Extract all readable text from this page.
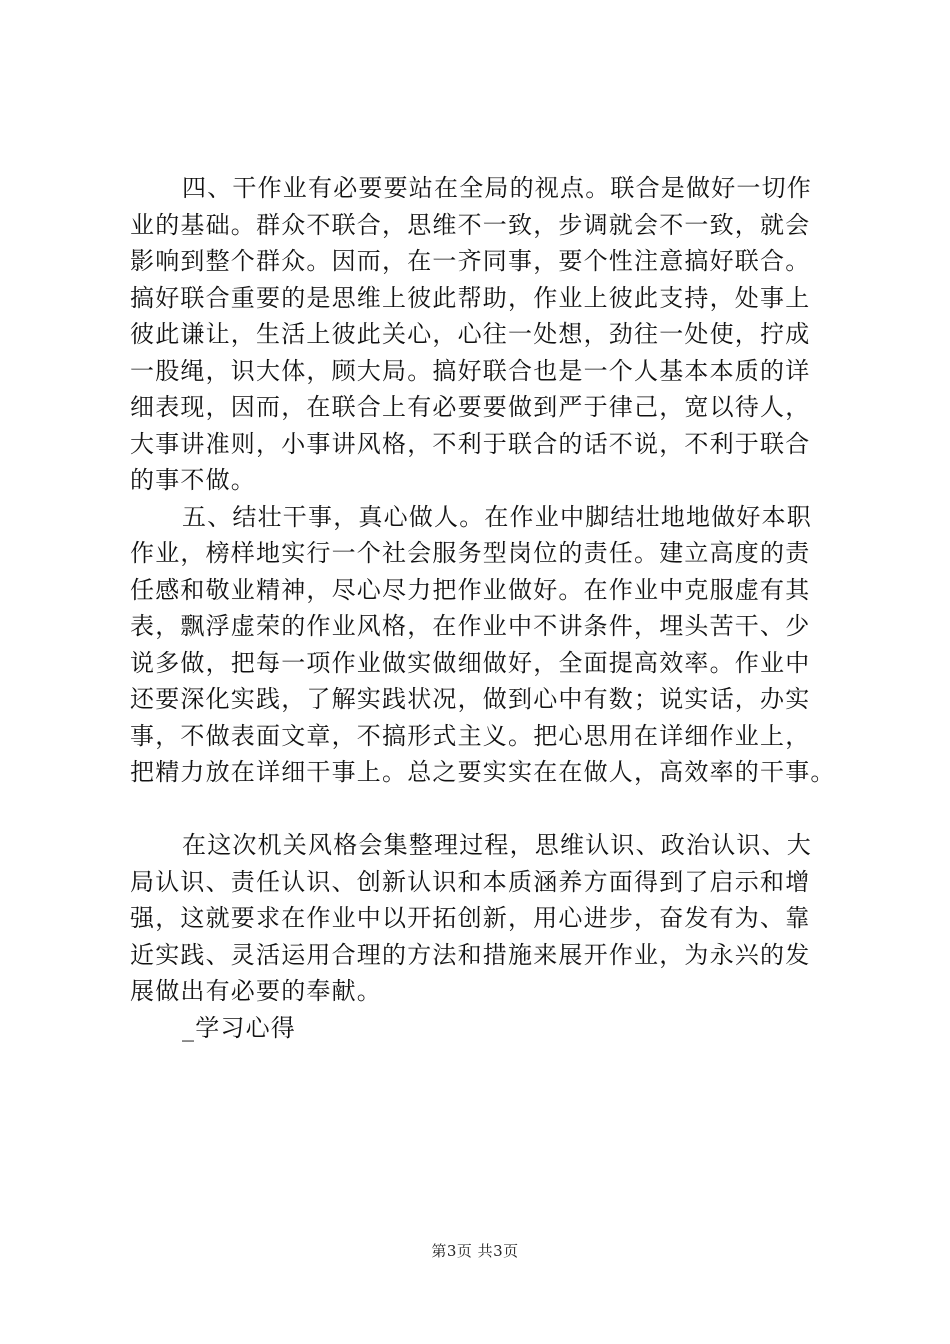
四、干作业有必要要站在全局的视点。联合是做好一切作
业的基础。群众不联合，思维不一致，步调就会不一致，就会
影响到整个群众。因而，在一齐同事，要个性注意搞好联合。
搞好联合重要的是思维上彼此帮助，作业上彼此支持，处事上
彼此谦让，生活上彼此关心，心往一处想，劲往一处使，拧成
一股绳，识大体，顾大局。搞好联合也是一个人基本本质的详
细表现，因而，在联合上有必要要做到严于律己，宽以待人，
大事讲准则，小事讲风格，不利于联合的话不说，不利于联合
的事不做。
五、结壮干事，真心做人。在作业中脚结壮地地做好本职
作业，榜样地实行一个社会服务型岗位的责任。建立高度的责
任感和敬业精神，尽心尽力把作业做好。在作业中克服虚有其
表，飘浮虚荣的作业风格，在作业中不讲条件，埋头苦干、少
说多做，把每一项作业做实做细做好，全面提高效率。作业中
还要深化实践，了解实践状况，做到心中有数；说实话，办实
事，不做表面文章，不搞形式主义。把心思用在详细作业上，
把精力放在详细干事上。总之要实实在在做人，高效率的干事。
在这次机关风格会集整理过程，思维认识、政治认识、大
局认识、责任认识、创新认识和本质涵养方面得到了启示和增
强，这就要求在作业中以开拓创新，用心进步，奋发有为、靠
近实践、灵活运用合理的方法和措施来展开作业，为永兴的发
展做出有必要的奉献。
_学习心得
第3页 共3页
